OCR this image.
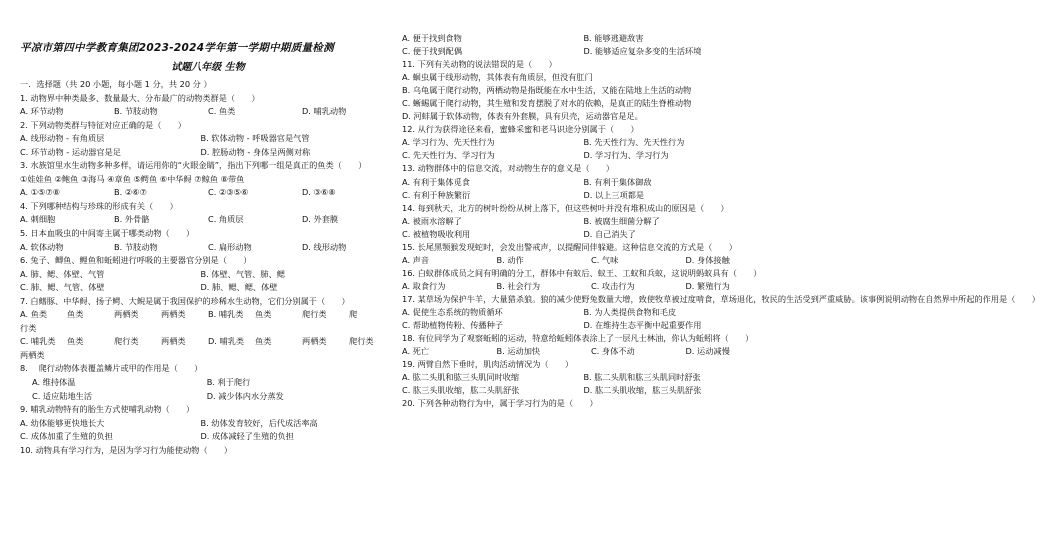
平凉市第四中学教育集团2023-2024学年第一学期中期质量检测
试题八年级 生物
一．选择题（共 20 小题，每小题 1 分，共 20 分 ）
1. 动物界中种类最多、数量最大、分布最广的动物类群是（　　）
A. 环节动物	B. 节肢动物	C. 鱼类	D. 哺乳动物
2. 下列动物类群与特征对应正确的是（　　）
A. 线形动物 - 有角质层	B. 软体动物 - 呼吸器官是气管
C. 环节动物 - 运动器官是足	D. 腔肠动物 - 身体呈两侧对称
3. 水族馆里水生动物多种多样，请运用你的“火眼金睛”，指出下列哪一组是真正的鱼类（　　）
①娃娃鱼 ②鲍鱼 ③海马 ④章鱼 ⑤鳄鱼 ⑥中华鲟 ⑦鲸鱼 ⑧带鱼
A. ①⑤⑦⑧	B. ②⑥⑦	C. ②③⑤⑥	D. ③⑥⑧
4. 下列哪种结构与珍珠的形成有关（　　）
A. 刺细胞	B. 外骨骼	C. 角质层	D. 外套膜
5. 日本血吸虫的中间寄主属于哪类动物（　　）
A. 软体动物	B. 节肢动物	C. 扁形动物	D. 线形动物
6. 兔子、鲫鱼、鲤鱼和蚯蚓进行呼吸的主要器官分别是（　　）
A. 肺、鳃、体壁、气管	B. 体壁、气管、肺、鳃
C. 肺、鳃、气管、体壁	D. 肺、鳃、鳃、体壁
7. 白鳍豚、中华鲟、扬子鳄、大鲵是属于我国保护的珍稀水生动物，它们分别属于（　　）
A. 鱼类	鱼类	两栖类	两栖类	B. 哺乳类	鱼类	爬行类	爬
行类
C. 哺乳类	鱼类	爬行类	两栖类	D. 哺乳类	鱼类	两栖类	爬行类
两栖类
8.　 爬行动物体表覆盖鳞片或甲的作用是（　　）
A. 维持体温	B. 利于爬行
C. 适应陆地生活	D. 减少体内水分蒸发
9. 哺乳动物特有的胎生方式使哺乳动物（　　）
A. 幼体能够更快地长大	B. 幼体发育较好，后代成活率高
C. 成体加重了生殖的负担	D. 成体减轻了生殖的负担
10. 动物具有学习行为，是因为学习行为能使动物（　　）
A. 便于找到食物	B. 能够逃避敌害
C. 便于找到配偶	D. 能够适应复杂多变的生活环境
11. 下列有关动物的说法错误的是（　　）
A. 蛔虫属于线形动物，其体表有角质层，但没有肛门
B. 乌龟属于爬行动物，两栖动物是指既能在水中生活，又能在陆地上生活的动物
C. 蜥蜴属于爬行动物，其生殖和发育摆脱了对水的依赖，是真正的陆生脊椎动物
D. 河蚌属于软体动物，体表有外套膜，具有贝壳，运动器官是足。
12. 从行为获得途径来看，蜜蜂采蜜和老马识途分别属于（　　）
A. 学习行为、先天性行为	B. 先天性行为、先天性行为
C. 先天性行为、学习行为	D. 学习行为、学习行为
13. 动物群体中的信息交流，对动物生存的意义是（　　）
A. 有利于集体觅食	B. 有利于集体御敌
C. 有利于种族繁衍	D. 以上三项都是
14. 每到秋天，北方的树叶纷纷从树上落下，但这些树叶并没有堆积成山的原因是（　　）
A. 被雨水溶解了	B. 被腐生细菌分解了
C. 被植物吸收利用	D. 自己消失了
15. 长尾黑颚猴发现蛇时，会发出警戒声，以提醒同伴躲避。这种信息交流的方式是（　　）
A. 声音	B. 动作	C. 气味	D. 身体接触
16. 白蚁群体成员之间有明确的分工，群体中有蚁后、蚁王、工蚁和兵蚁，这说明蚂蚁具有（　　）
A. 取食行为	B. 社会行为	C. 攻击行为	D. 繁殖行为
17. 某草场为保护牛羊，大量猎杀狼。狼的减少使野兔数量大增，致使牧草被过度啃食，草场退化，牧民的生活受到严重威胁。该事例说明动物在自然界中所起的作用是（　　）
A. 促使生态系统的物质循环	B. 为人类提供食物和毛皮
C. 帮助植物传粉、传播种子	D. 在维持生态平衡中起重要作用
18. 有位同学为了观察蚯蚓的运动，特意给蚯蚓体表涂上了一层凡士林油，你认为蚯蚓将（　　）
A. 死亡	B. 运动加快	C. 身体不动	D. 运动减慢
19. 两臂自然下垂时，肌肉活动情况为（　　）
A. 肱二头肌和肱三头肌同时收缩	B. 肱二头肌和肱三头肌同时舒张
C. 肱三头肌收缩，肱二头肌舒张	D. 肱二头肌收缩，肱三头肌舒张
20. 下列各种动物行为中，属于学习行为的是（　　）
